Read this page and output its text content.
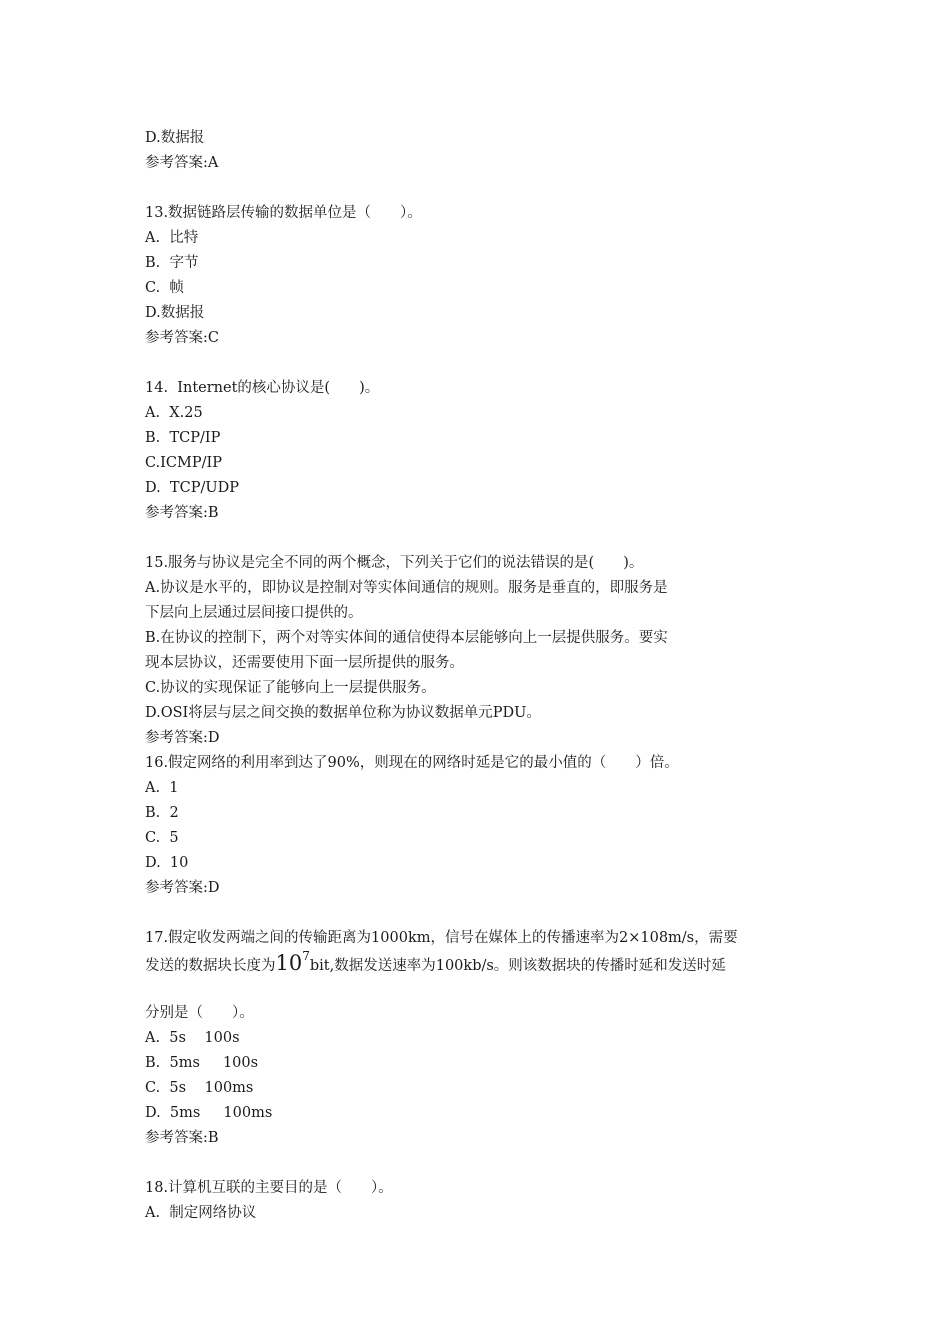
D.数据报
参考答案:A
13.数据链路层传输的数据单位是（　　）。
A.  比特
B.  字节
C.  帧
D.数据报
参考答案:C
14.  Internet的核心协议是(　　)。
A.  X.25
B.  TCP/IP
C.ICMP/IP
D.  TCP/UDP
参考答案:B
15.服务与协议是完全不同的两个概念，下列关于它们的说法错误的是(　　)。
A.协议是水平的，即协议是控制对等实体间通信的规则。服务是垂直的，即服务是
下层向上层通过层间接口提供的。
B.在协议的控制下，两个对等实体间的通信使得本层能够向上一层提供服务。要实
现本层协议，还需要使用下面一层所提供的服务。
C.协议的实现保证了能够向上一层提供服务。
D.OSI将层与层之间交换的数据单位称为协议数据单元PDU。
参考答案:D
16.假定网络的利用率到达了90%，则现在的网络时延是它的最小值的（　　）倍。
A.  1
B.  2
C.  5
D.  10
参考答案:D
17.假定收发两端之间的传输距离为1000km，信号在媒体上的传播速率为2×108m/s，需要
发送的数据块长度为$10^7bit$,数据发送速率为100kb/s。则该数据块的传播时延和发送时延
分别是（　　）。
A.  5s    100s
B.  5ms     100s
C.  5s    100ms
D.  5ms     100ms
参考答案:B
18.计算机互联的主要目的是（　　）。
A.  制定网络协议
